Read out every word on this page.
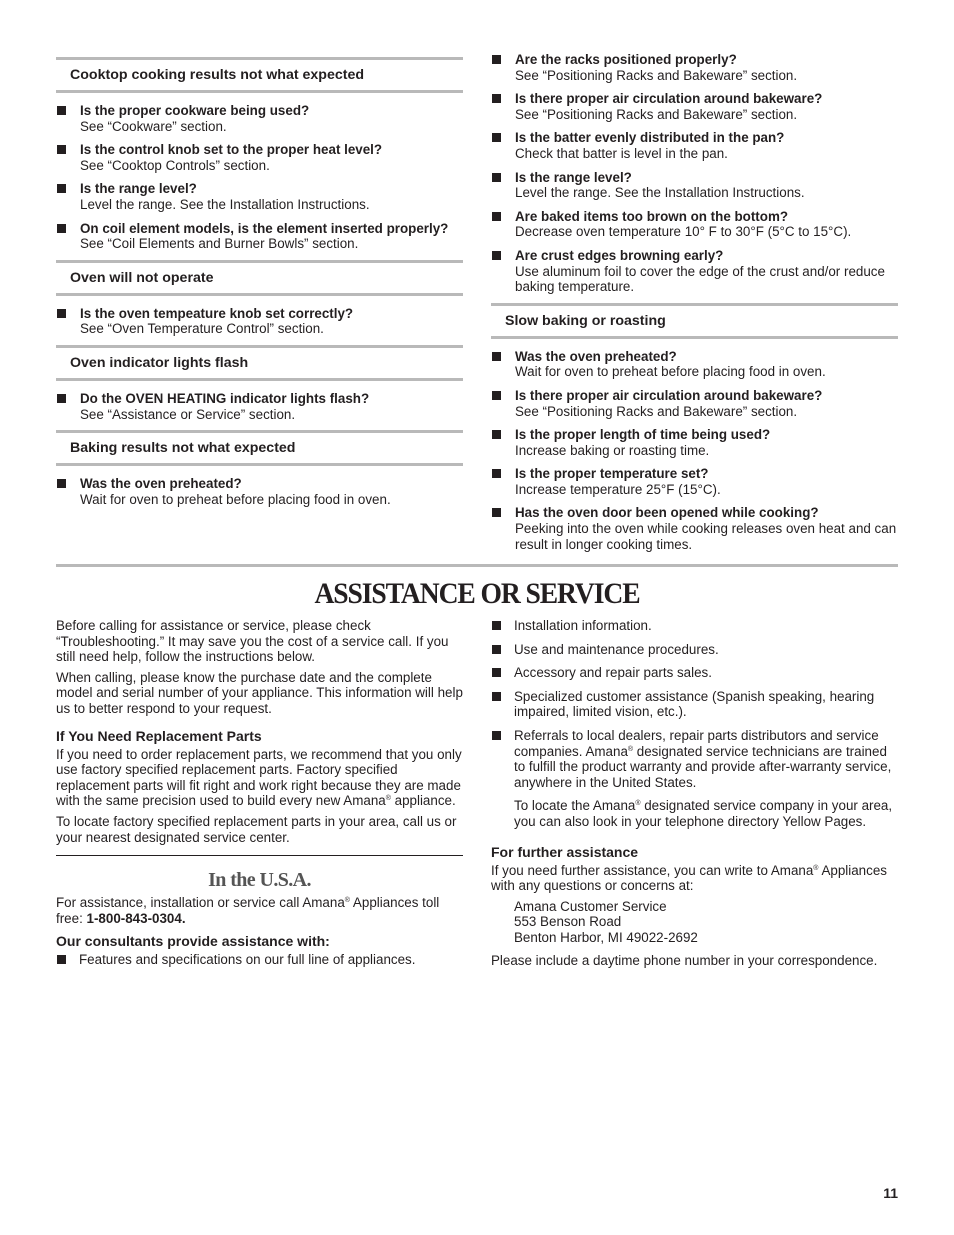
Cooktop cooking results not what expected
Is the proper cookware being used?
See “Cookware” section.
Is the control knob set to the proper heat level?
See “Cooktop Controls” section.
Is the range level?
Level the range. See the Installation Instructions.
On coil element models, is the element inserted properly?
See “Coil Elements and Burner Bowls” section.
Oven will not operate
Is the oven tempeature knob set correctly?
See “Oven Temperature Control” section.
Oven indicator lights flash
Do the OVEN HEATING indicator lights flash?
See “Assistance or Service” section.
Baking results not what expected
Was the oven preheated?
Wait for oven to preheat before placing food in oven.
Are the racks positioned properly?
See “Positioning Racks and Bakeware” section.
Is there proper air circulation around bakeware?
See “Positioning Racks and Bakeware” section.
Is the batter evenly distributed in the pan?
Check that batter is level in the pan.
Is the range level?
Level the range. See the Installation Instructions.
Are baked items too brown on the bottom?
Decrease oven temperature 10° F to 30°F (5°C to 15°C).
Are crust edges browning early?
Use aluminum foil to cover the edge of the crust and/or reduce baking temperature.
Slow baking or roasting
Was the oven preheated?
Wait for oven to preheat before placing food in oven.
Is there proper air circulation around bakeware?
See “Positioning Racks and Bakeware” section.
Is the proper length of time being used?
Increase baking or roasting time.
Is the proper temperature set?
Increase temperature 25°F (15°C).
Has the oven door been opened while cooking?
Peeking into the oven while cooking releases oven heat and can result in longer cooking times.
ASSISTANCE OR SERVICE

Before calling for assistance or service, please check “Troubleshooting.” It may save you the cost of a service call. If you still need help, follow the instructions below.

When calling, please know the purchase date and the complete model and serial number of your appliance. This information will help us to better respond to your request.

If You Need Replacement Parts

If you need to order replacement parts, we recommend that you only use factory specified replacement parts. Factory specified replacement parts will fit right and work right because they are made with the same precision used to build every new Amana® appliance.

To locate factory specified replacement parts in your area, call us or your nearest designated service center.

In the U.S.A.

For assistance, installation or service call Amana® Appliances toll free: 1-800-843-0304.

Our consultants provide assistance with:
Features and specifications on our full line of appliances.
Installation information.
Use and maintenance procedures.
Accessory and repair parts sales.
Specialized customer assistance (Spanish speaking, hearing impaired, limited vision, etc.).
Referrals to local dealers, repair parts distributors and service companies. Amana® designated service technicians are trained to fulfill the product warranty and provide after-warranty service, anywhere in the United States.

To locate the Amana® designated service company in your area, you can also look in your telephone directory Yellow Pages.

For further assistance

If you need further assistance, you can write to Amana® Appliances with any questions or concerns at:

Amana Customer Service
553 Benson Road
Benton Harbor, MI 49022-2692

Please include a daytime phone number in your correspondence.

11
